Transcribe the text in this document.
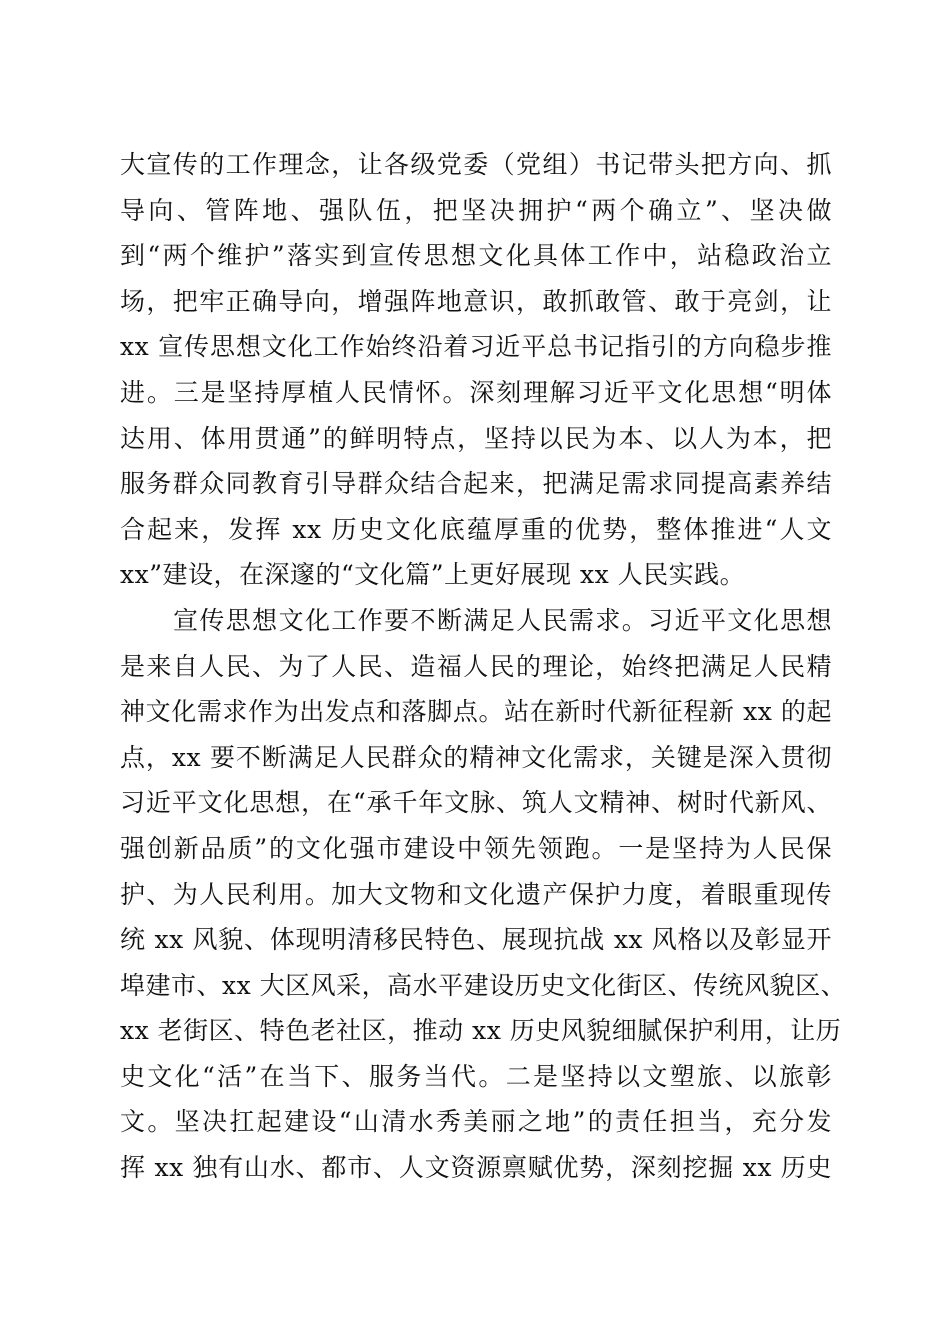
大宣传的工作理念，让各级党委（党组）书记带头把方向、抓
导向、管阵地、强队伍，把坚决拥护“两个确立”、坚决做
到“两个维护”落实到宣传思想文化具体工作中，站稳政治立
场，把牢正确导向，增强阵地意识，敢抓敢管、敢于亮剑，让
xx 宣传思想文化工作始终沿着习近平总书记指引的方向稳步推
进。三是坚持厚植人民情怀。深刻理解习近平文化思想“明体
达用、体用贯通”的鲜明特点，坚持以民为本、以人为本，把
服务群众同教育引导群众结合起来，把满足需求同提高素养结
合起来，发挥 xx 历史文化底蕴厚重的优势，整体推进“人文
xx”建设，在深邃的“文化篇”上更好展现 xx 人民实践。
宣传思想文化工作要不断满足人民需求。习近平文化思想
是来自人民、为了人民、造福人民的理论，始终把满足人民精
神文化需求作为出发点和落脚点。站在新时代新征程新 xx 的起
点，xx 要不断满足人民群众的精神文化需求，关键是深入贯彻
习近平文化思想，在“承千年文脉、筑人文精神、树时代新风、
强创新品质”的文化强市建设中领先领跑。一是坚持为人民保
护、为人民利用。加大文物和文化遗产保护力度，着眼重现传
统 xx 风貌、体现明清移民特色、展现抗战 xx 风格以及彰显开
埠建市、xx 大区风采，高水平建设历史文化街区、传统风貌区、
xx 老街区、特色老社区，推动 xx 历史风貌细腻保护利用，让历
史文化“活”在当下、服务当代。二是坚持以文塑旅、以旅彰
文。坚决扛起建设“山清水秀美丽之地”的责任担当，充分发
挥 xx 独有山水、都市、人文资源禀赋优势，深刻挖掘 xx 历史
